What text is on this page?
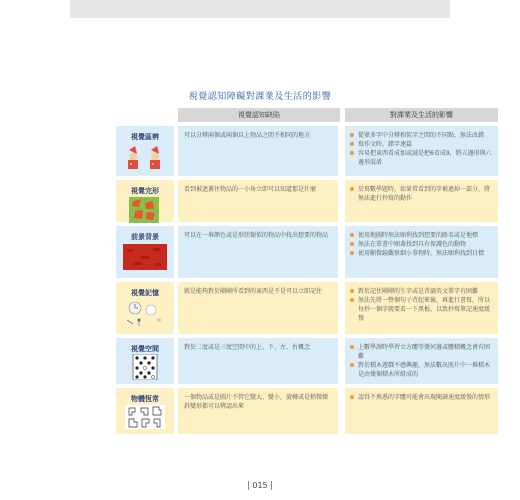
視覺認知障礙對課業及生活的影響
視覺認知缺陷	對課業及生活的影響
視覺區辨	可以分辨兩個或兩個以上物品之間不相同的地方	從眾多字中分辨相似字之間的不同點，無法改錯
寫作文時，錯字連篇
容易把東西看成加或減是把6看成9，將五邊形與六邊形混淆
視覺完形	看到被遮蓋住物品的一小角立即可以知道那是什麼	於寫數學題時，如果常看到的字被遮掉一部分，將無法進行抄寫的動作
前景背景	可以在一堆顏色或是形狀類似的物品中找出想要的物品	使用地圖時無法順利找到想要的路名或是地標
無法在單書中順著找到具有保護色的動物
使用顯微鏡觀察細小事物時，無法順利找到目標
視覺記憶	就是能夠對於剛剛所看到的東西是不是可以立即記住	對於記住剛剛的生字或是背誦英文單字有困難
無法先將一整個句子背起來後，再進行書寫，所以每抄一個字就要看一下黑板，以致抄寫筆記速度緩慢
視覺空間	對於二度或是三度空間中的上、下、左、右概念	上數學課時學習立方體等幾何邊或體積概念會有困難
對於積木遊戲不感興趣，無法數出照片中一堆積木是由幾個積木所組成的
物體恆常	一個物品或是圖片不管它變大、變小，旋轉或是稍微傾斜變形都可以辨認出來
認得不熟悉的字體可能會出現閱讀速度緩慢的情形
015
